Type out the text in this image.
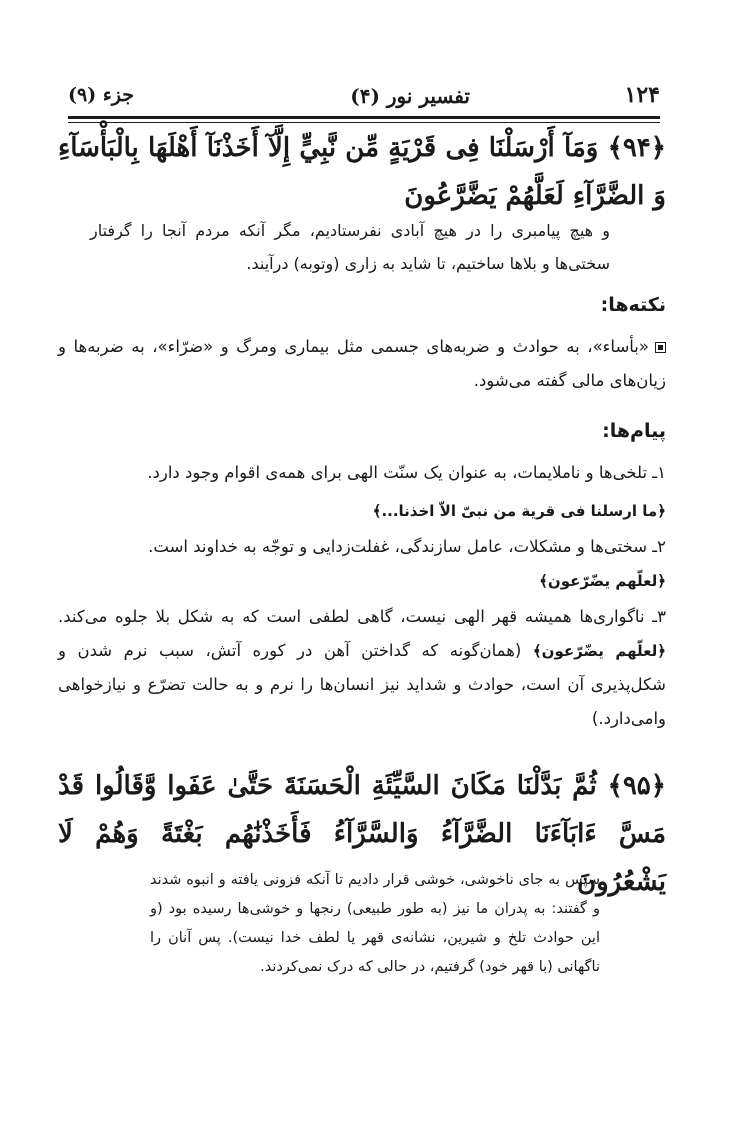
۱۲۴
تفسیر نور (۴)
جزء (۹)
﴿۹۴﴾ وَمَآ أَرْسَلْنَا فِى قَرْيَةٍ مِّن نَّبِيٍّ إِلَّآ أَخَذْنَآ أَهْلَهَا بِالْبَأْسَآءِ وَ الضَّرَّآءِ لَعَلَّهُمْ يَضَّرَّعُونَ
و هیچ پیامبری را در هیچ آبادی نفرستادیم، مگر آنکه مردم آنجا را گرفتار سختی‌ها و بلاها ساختیم، تا شاید به زاری (وتوبه) درآیند.
نکته‌ها:
«بأساء»، به حوادث و ضربه‌های جسمی مثل بیماری ومرگ و «ضرّاء»، به ضربه‌ها و زیان‌های مالی گفته می‌شود.
پیام‌ها:
۱ـ تلخی‌ها و ناملایمات، به عنوان یک سنّت الهی برای همه‌ی اقوام وجود دارد.
﴿ما ارسلنا فی قریة من نبیّ الاّ اخذنا...﴾
۲ـ سختی‌ها و مشکلات، عامل سازندگی، غفلت‌زدایی و توجّه به خداوند است.
﴿لعلّهم یضّرّعون﴾
۳ـ ناگواری‌ها همیشه قهر الهی نیست، گاهی لطفی است که به شکل بلا جلوه می‌کند. ﴿لعلّهم یضّرّعون﴾ (همان‌گونه که گداختن آهن در کوره آتش، سبب نرم شدن و شکل‌پذیری آن است، حوادث و شداید نیز انسان‌ها را نرم و به حالت تضرّع و نیازخواهی وامی‌دارد.)
﴿۹۵﴾ ثُمَّ بَدَّلْنَا مَكَانَ السَّيِّئَةِ الْحَسَنَةَ حَتَّىٰ عَفَوا وَّقَالُوا قَدْ مَسَّ ءَابَآءَنَا الضَّرَّآءُ وَالسَّرَّآءُ فَأَخَذْنَٰهُم بَغْتَةً وَهُمْ لَا يَشْعُرُونَ
سپس به جای ناخوشی، خوشی قرار دادیم تا آنکه فزونی یافته و انبوه شدند و گفتند: به پدران ما نیز (به طور طبیعی) رنجها و خوشی‌ها رسیده بود (و این حوادث تلخ و شیرین، نشانه‌ی قهر یا لطف خدا نیست). پس آنان را ناگهانی (با قهر خود) گرفتیم، در حالی که درک نمی‌کردند.
